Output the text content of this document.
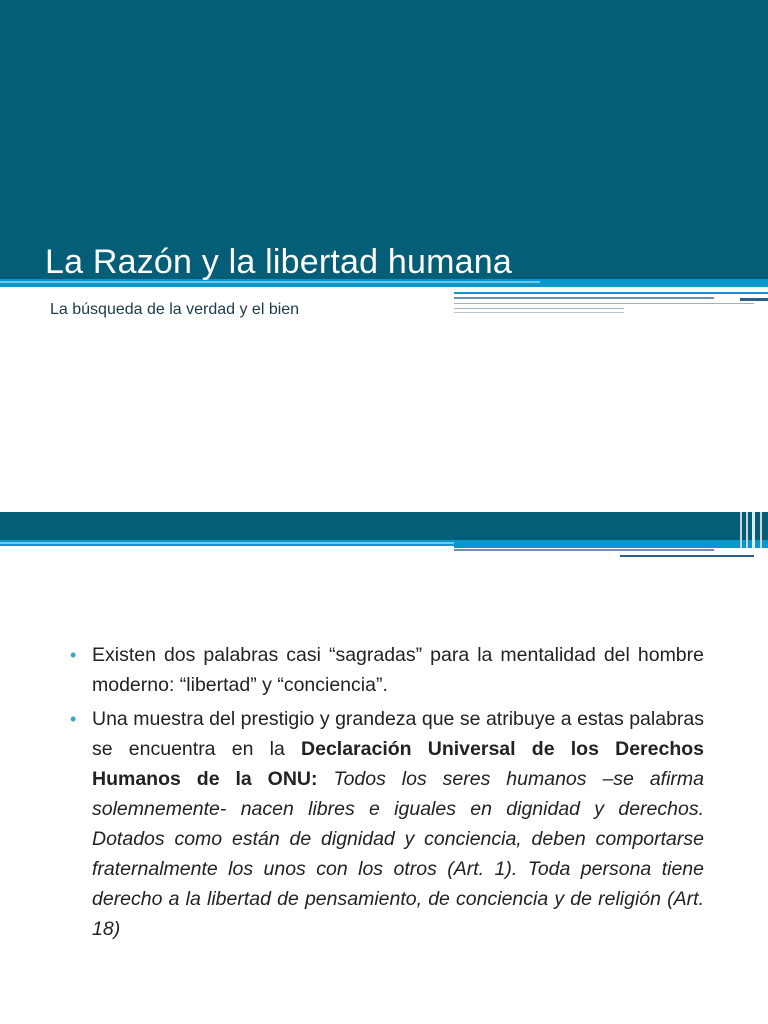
La Razón y la libertad humana
La búsqueda de la verdad y el bien
• Existen dos palabras casi “sagradas” para la mentalidad del hombre moderno: “libertad” y “conciencia”.
• Una muestra del prestigio y grandeza que se atribuye a estas palabras se encuentra en la Declaración Universal de los Derechos Humanos de la ONU: Todos los seres humanos –se afirma solemnemente- nacen libres e iguales en dignidad y derechos. Dotados como están de dignidad y conciencia, deben comportarse fraternalmente los unos con los otros (Art. 1). Toda persona tiene derecho a la libertad de pensamiento, de conciencia y de religión (Art. 18)
